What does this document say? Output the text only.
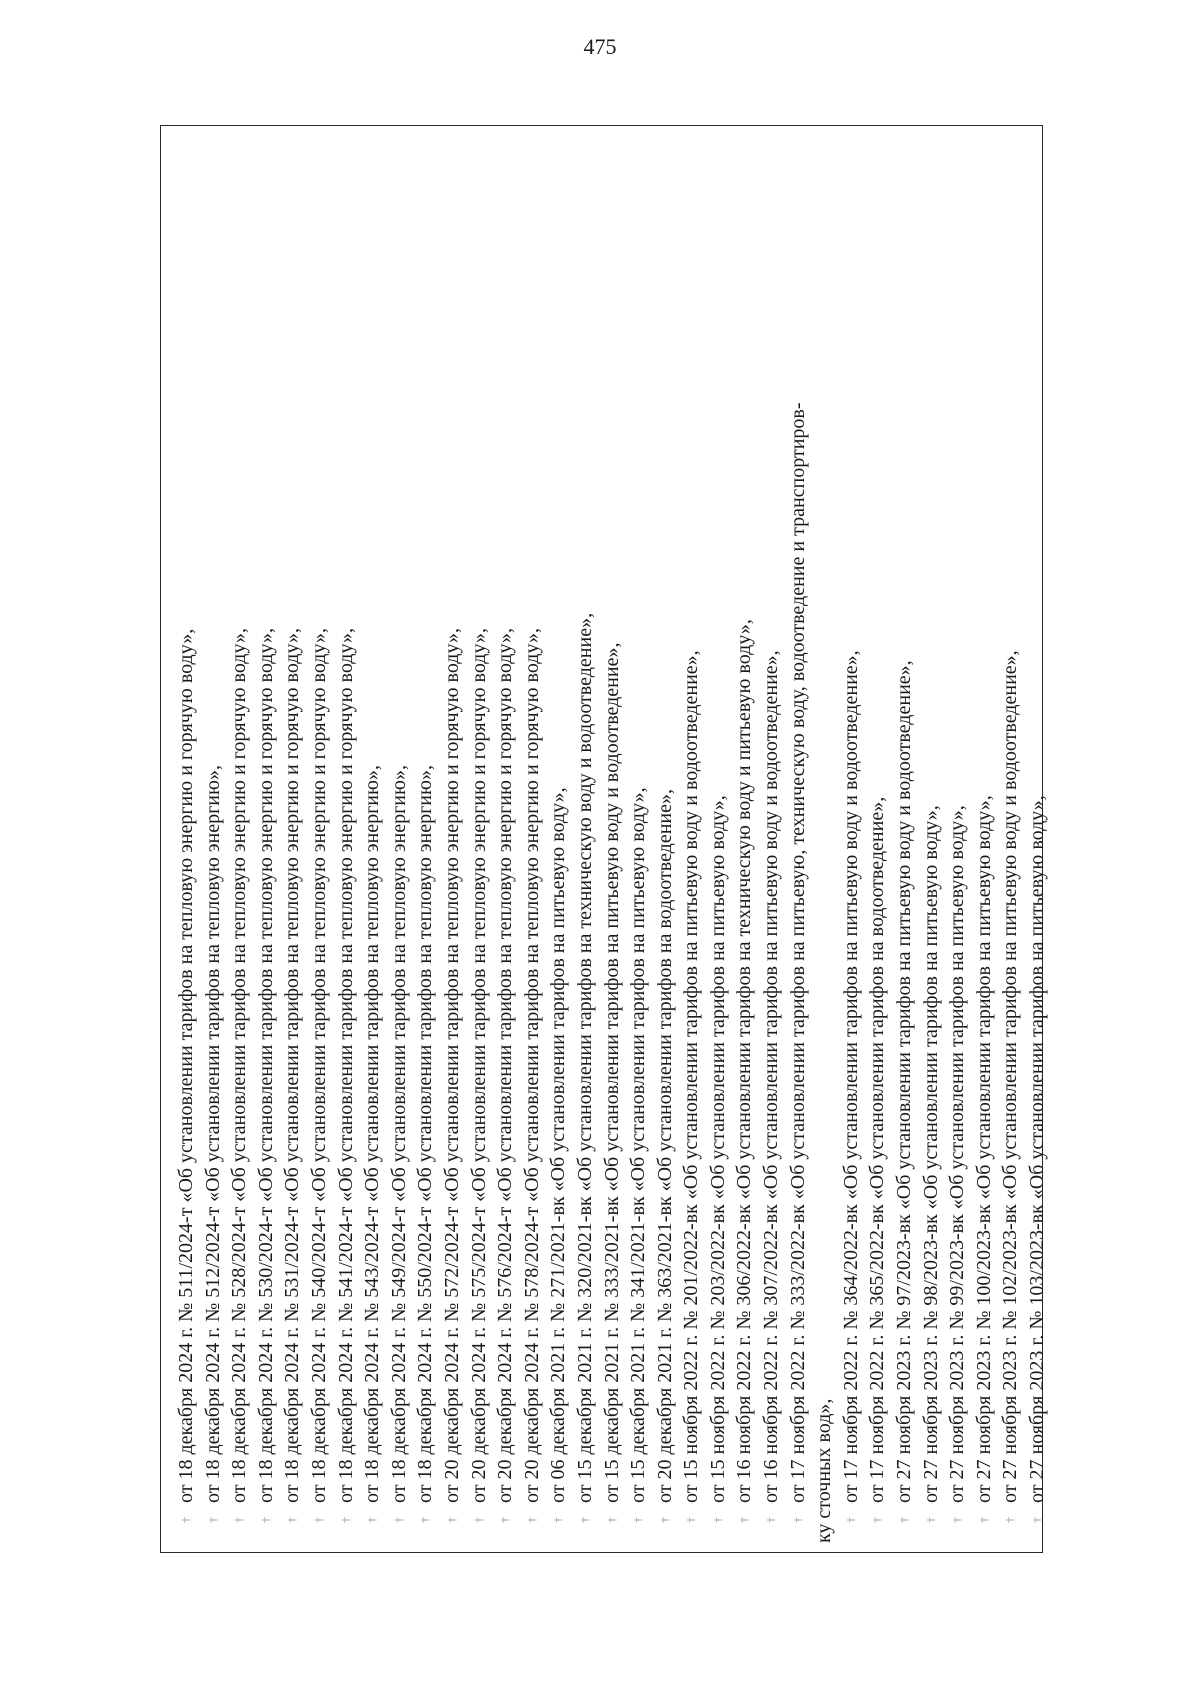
475
†
от 18 декабря 2024 г. № 511/2024-т «Об установлении тарифов на тепловую энергию и горячую воду»,
†
от 18 декабря 2024 г. № 512/2024-т «Об установлении тарифов на тепловую энергию»,
†
от 18 декабря 2024 г. № 528/2024-т «Об установлении тарифов на тепловую энергию и горячую воду»,
†
от 18 декабря 2024 г. № 530/2024-т «Об установлении тарифов на тепловую энергию и горячую воду»,
†
от 18 декабря 2024 г. № 531/2024-т «Об установлении тарифов на тепловую энергию и горячую воду»,
†
от 18 декабря 2024 г. № 540/2024-т «Об установлении тарифов на тепловую энергию и горячую воду»,
†
от 18 декабря 2024 г. № 541/2024-т «Об установлении тарифов на тепловую энергию и горячую воду»,
†
от 18 декабря 2024 г. № 543/2024-т «Об установлении тарифов на тепловую энергию»,
†
от 18 декабря 2024 г. № 549/2024-т «Об установлении тарифов на тепловую энергию»,
†
от 18 декабря 2024 г. № 550/2024-т «Об установлении тарифов на тепловую энергию»,
†
от 20 декабря 2024 г. № 572/2024-т «Об установлении тарифов на тепловую энергию и горячую воду»,
†
от 20 декабря 2024 г. № 575/2024-т «Об установлении тарифов на тепловую энергию и горячую воду»,
†
от 20 декабря 2024 г. № 576/2024-т «Об установлении тарифов на тепловую энергию и горячую воду»,
†
от 20 декабря 2024 г. № 578/2024-т «Об установлении тарифов на тепловую энергию и горячую воду»,
†
от 06 декабря 2021 г. № 271/2021-вк «Об установлении тарифов на питьевую воду»,
†
от 15 декабря 2021 г. № 320/2021-вк «Об установлении тарифов на техническую воду и водоотведение»,
†
от 15 декабря 2021 г. № 333/2021-вк «Об установлении тарифов на питьевую воду и водоотведение»,
†
от 15 декабря 2021 г. № 341/2021-вк «Об установлении тарифов на питьевую воду»,
†
от 20 декабря 2021 г. № 363/2021-вк «Об установлении тарифов на водоотведение»,
†
от 15 ноября 2022 г. № 201/2022-вк «Об установлении тарифов на питьевую воду и водоотведение»,
†
от 15 ноября 2022 г. № 203/2022-вк «Об установлении тарифов на питьевую воду»,
†
от 16 ноября 2022 г. № 306/2022-вк «Об установлении тарифов на техническую воду и питьевую воду»,
†
от 16 ноября 2022 г. № 307/2022-вк «Об установлении тарифов на питьевую воду и водоотведение»,
†
от 17 ноября 2022 г. № 333/2022-вк «Об установлении тарифов на питьевую, техническую воду, водоотведение и транспортиров- ку сточных вод», †
от 17 ноября 2022 г. № 364/2022-вк «Об установлении тарифов на питьевую воду и водоотведение»,
†
от 17 ноября 2022 г. № 365/2022-вк «Об установлении тарифов на водоотведение»,
†
от 27 ноября 2023 г. № 97/2023-вк «Об установлении тарифов на питьевую воду и водоотведение»,
†
от 27 ноября 2023 г. № 98/2023-вк «Об установлении тарифов на питьевую воду»,
†
от 27 ноября 2023 г. № 99/2023-вк «Об установлении тарифов на питьевую воду»,
†
от 27 ноября 2023 г. № 100/2023-вк «Об установлении тарифов на питьевую воду»,
†
от 27 ноября 2023 г. № 102/2023-вк «Об установлении тарифов на питьевую воду и водоотведение»,
†
от 27 ноября 2023 г. № 103/2023-вк «Об установлении тарифов на питьевую воду»,
